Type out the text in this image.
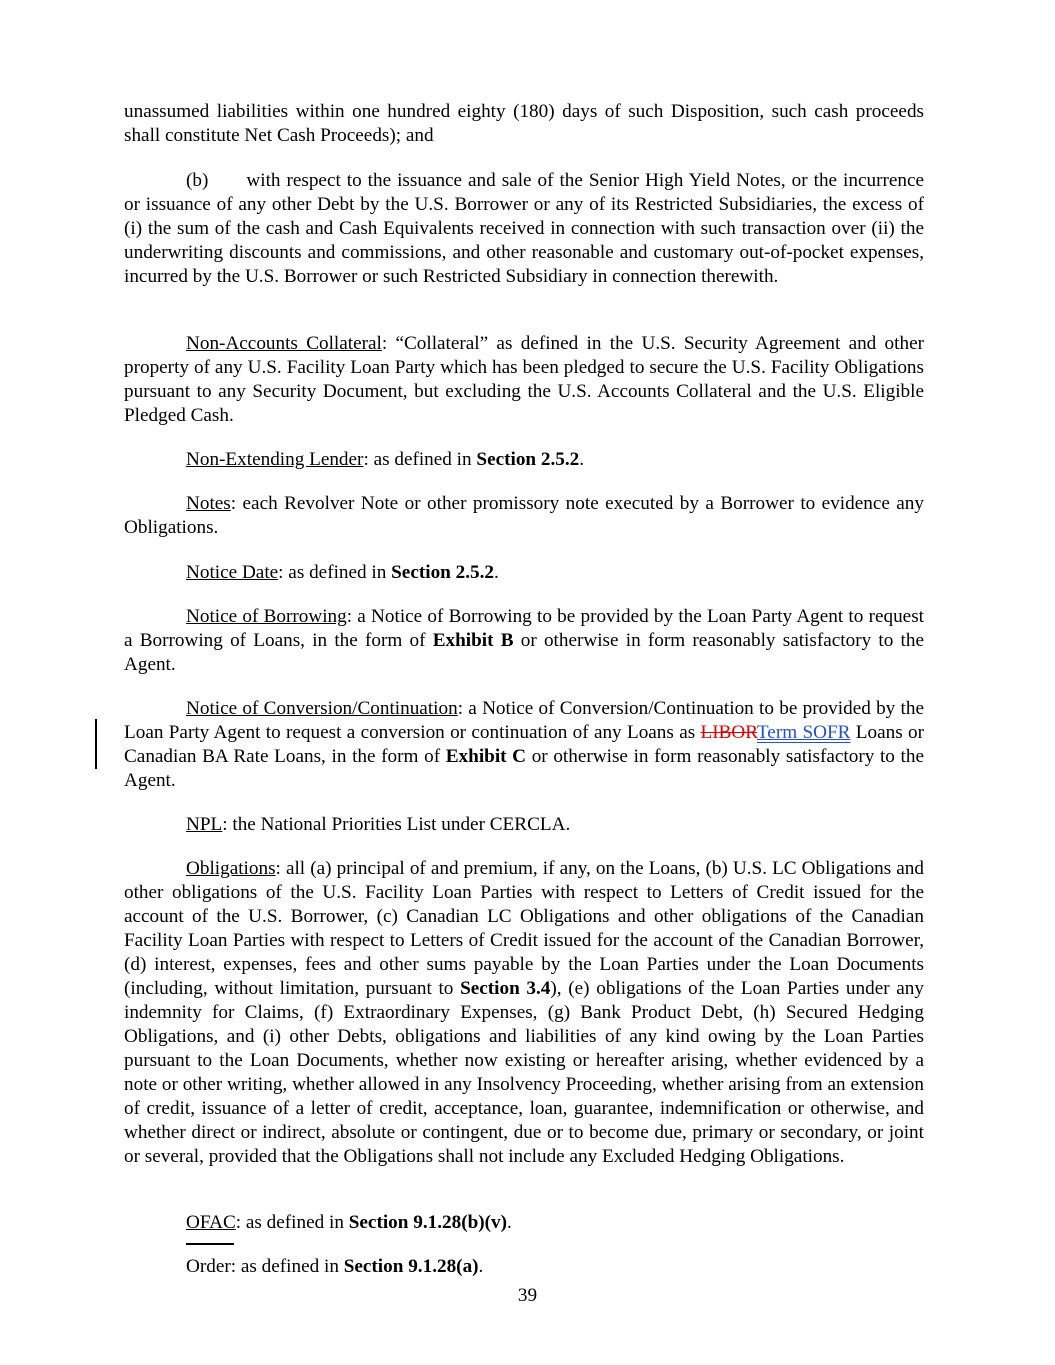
unassumed liabilities within one hundred eighty (180) days of such Disposition, such cash proceeds shall constitute Net Cash Proceeds); and

(b) with respect to the issuance and sale of the Senior High Yield Notes, or the incurrence or issuance of any other Debt by the U.S. Borrower or any of its Restricted Subsidiaries, the excess of (i) the sum of the cash and Cash Equivalents received in connection with such transaction over (ii) the underwriting discounts and commissions, and other reasonable and customary out-of-pocket expenses, incurred by the U.S. Borrower or such Restricted Subsidiary in connection therewith.

Non-Accounts Collateral: “Collateral” as defined in the U.S. Security Agreement and other property of any U.S. Facility Loan Party which has been pledged to secure the U.S. Facility Obligations pursuant to any Security Document, but excluding the U.S. Accounts Collateral and the U.S. Eligible Pledged Cash.

Non-Extending Lender: as defined in Section 2.5.2.

Notes: each Revolver Note or other promissory note executed by a Borrower to evidence any Obligations.

Notice Date: as defined in Section 2.5.2.

Notice of Borrowing: a Notice of Borrowing to be provided by the Loan Party Agent to request a Borrowing of Loans, in the form of Exhibit B or otherwise in form reasonably satisfactory to the Agent.

Notice of Conversion/Continuation: a Notice of Conversion/Continuation to be provided by the Loan Party Agent to request a conversion or continuation of any Loans as LIBORTerm SOFR Loans or Canadian BA Rate Loans, in the form of Exhibit C or otherwise in form reasonably satisfactory to the Agent.

NPL: the National Priorities List under CERCLA.

Obligations: all (a) principal of and premium, if any, on the Loans, (b) U.S. LC Obligations and other obligations of the U.S. Facility Loan Parties with respect to Letters of Credit issued for the account of the U.S. Borrower, (c) Canadian LC Obligations and other obligations of the Canadian Facility Loan Parties with respect to Letters of Credit issued for the account of the Canadian Borrower, (d) interest, expenses, fees and other sums payable by the Loan Parties under the Loan Documents (including, without limitation, pursuant to Section 3.4), (e) obligations of the Loan Parties under any indemnity for Claims, (f) Extraordinary Expenses, (g) Bank Product Debt, (h) Secured Hedging Obligations, and (i) other Debts, obligations and liabilities of any kind owing by the Loan Parties pursuant to the Loan Documents, whether now existing or hereafter arising, whether evidenced by a note or other writing, whether allowed in any Insolvency Proceeding, whether arising from an extension of credit, issuance of a letter of credit, acceptance, loan, guarantee, indemnification or otherwise, and whether direct or indirect, absolute or contingent, due or to become due, primary or secondary, or joint or several, provided that the Obligations shall not include any Excluded Hedging Obligations.

OFAC: as defined in Section 9.1.28(b)(v).

Order: as defined in Section 9.1.28(a).

39
